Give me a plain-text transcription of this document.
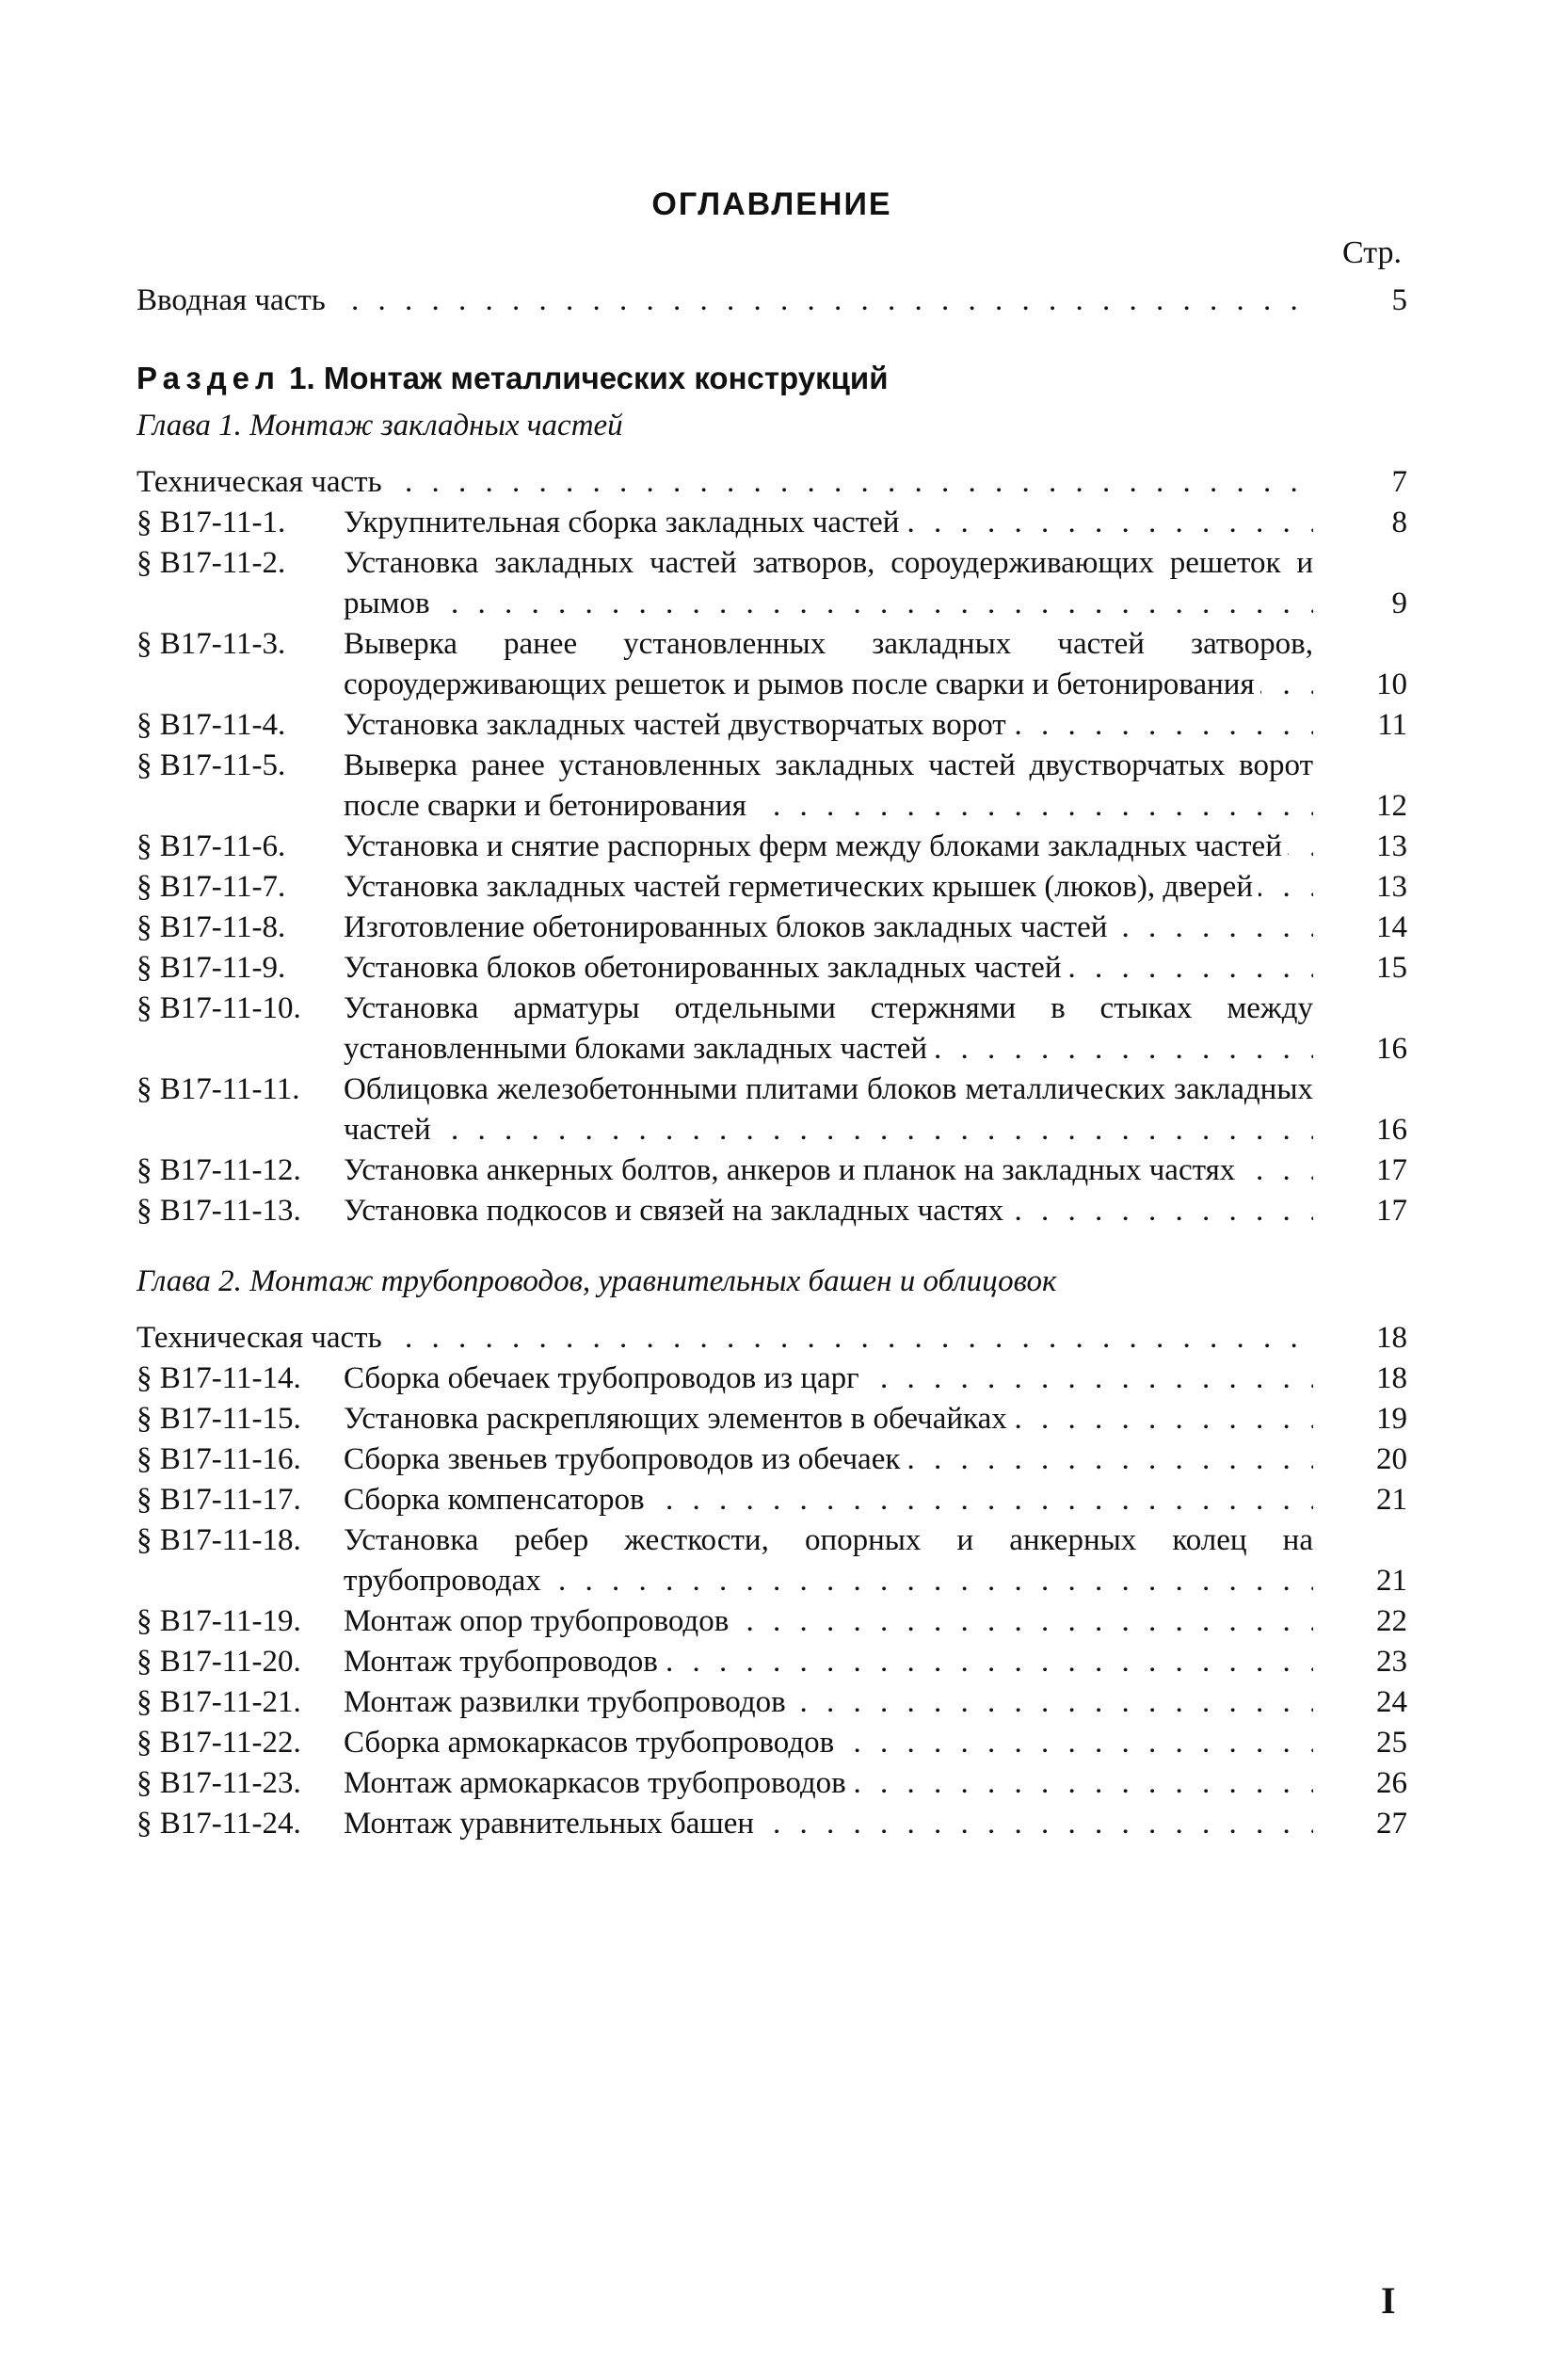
ОГЛАВЛЕНИЕ
Стр.
Вводная часть . . .	5
Раздел 1. Монтаж металлических конструкций
Глава 1. Монтаж закладных частей
Техническая часть . . .	7
§ В17-11-1.	Укрупнительная сборка закладных частей . . .	8
§ В17-11-2.	Установка закладных частей затворов, сороудерживающих решеток и рымов . . .	9
§ В17-11-3.	Выверка ранее установленных закладных частей затворов, сороудерживающих решеток и рымов после сварки и бетонирования . . .	10
§ В17-11-4.	Установка закладных частей двустворчатых ворот . . .	11
§ В17-11-5.	Выверка ранее установленных закладных частей двустворчатых ворот после сварки и бетонирования . . .	12
§ В17-11-6.	Установка и снятие распорных ферм между блоками закладных частей . . .	13
§ В17-11-7.	Установка закладных частей герметических крышек (люков), дверей . . .	13
§ В17-11-8.	Изготовление обетонированных блоков закладных частей . . .	14
§ В17-11-9.	Установка блоков обетонированных закладных частей . . .	15
§ В17-11-10.	Установка арматуры отдельными стержнями в стыках между установленными блоками закладных частей . . .	16
§ В17-11-11.	Облицовка железобетонными плитами блоков металлических закладных частей . . .	16
§ В17-11-12.	Установка анкерных болтов, анкеров и планок на закладных частях . . .	17
§ В17-11-13.	Установка подкосов и связей на закладных частях . . .	17
Глава 2. Монтаж трубопроводов, уравнительных башен и облицовок
Техническая часть . . .	18
§ В17-11-14.	Сборка обечаек трубопроводов из царг . . .	18
§ В17-11-15.	Установка раскрепляющих элементов в обечайках . . .	19
§ В17-11-16.	Сборка звеньев трубопроводов из обечаек . . .	20
§ В17-11-17.	Сборка компенсаторов . . .	21
§ В17-11-18.	Установка ребер жесткости, опорных и анкерных колец на трубопроводах . . .	21
§ В17-11-19.	Монтаж опор трубопроводов . . .	22
§ В17-11-20.	Монтаж трубопроводов . . .	23
§ В17-11-21.	Монтаж развилки трубопроводов . . .	24
§ В17-11-22.	Сборка армокаркасов трубопроводов . . .	25
§ В17-11-23.	Монтаж армокаркасов трубопроводов . . .	26
§ В17-11-24.	Монтаж уравнительных башен . . .	27
I
